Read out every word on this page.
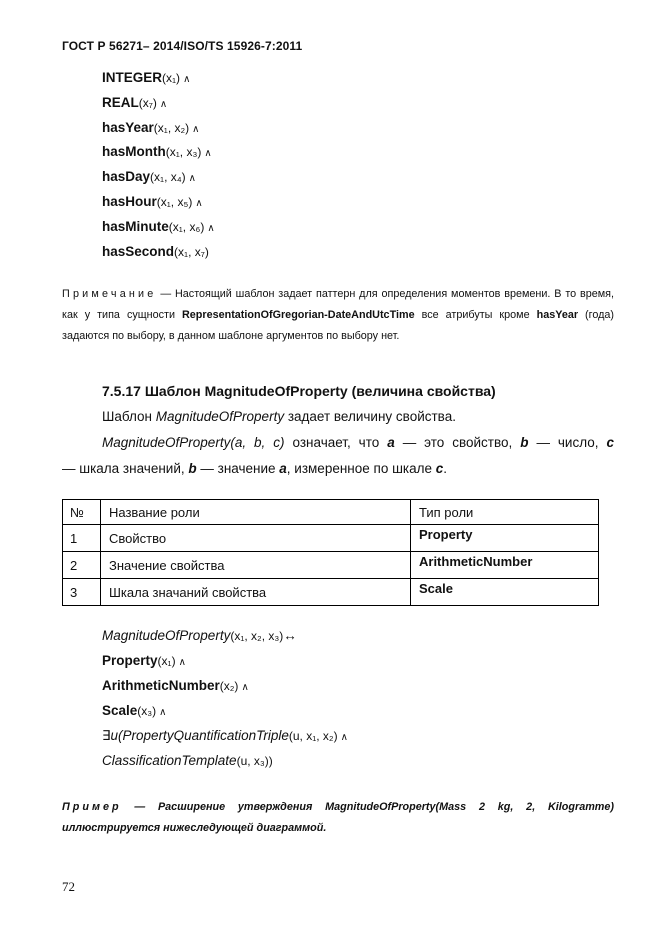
ГОСТ Р 56271– 2014/ISO/TS 15926-7:2011
INTEGER(x₁) ∧
REAL(x₇) ∧
hasYear(x₁, x₂) ∧
hasMonth(x₁, x₃) ∧
hasDay(x₁, x₄) ∧
hasHour(x₁, x₅) ∧
hasMinute(x₁, x₆) ∧
hasSecond(x₁, x₇)
Примечание — Настоящий шаблон задает паттерн для определения моментов времени. В то время, как у типа сущности RepresentationOfGregorian-DateAndUtcTime все атрибуты кроме hasYear (года) задаются по выбору, в данном шаблоне аргументов по выбору нет.
7.5.17 Шаблон MagnitudeOfProperty (величина свойства)
Шаблон MagnitudeOfProperty задает величину свойства.
MagnitudeOfProperty(a, b, c) означает, что a — это свойство, b — число, c
— шкала значений, b — значение a, измеренное по шкале c.
№	Название роли	Тип роли
1	Свойство	Property
2	Значение свойства	ArithmeticNumber
3	Шкала значаний свойства	Scale
MagnitudeOfProperty(x₁, x₂, x₃)↔
Property(x₁) ∧
ArithmeticNumber(x₂) ∧
Scale(x₃) ∧
∃u(PropertyQuantificationTriple(u, x₁, x₂) ∧
ClassificationTemplate(u, x₃))
Пример — Расширение утверждения MagnitudeOfProperty(Mass 2 kg, 2, Kilogramme) иллюстрируется нижеследующей диаграммой.
72
